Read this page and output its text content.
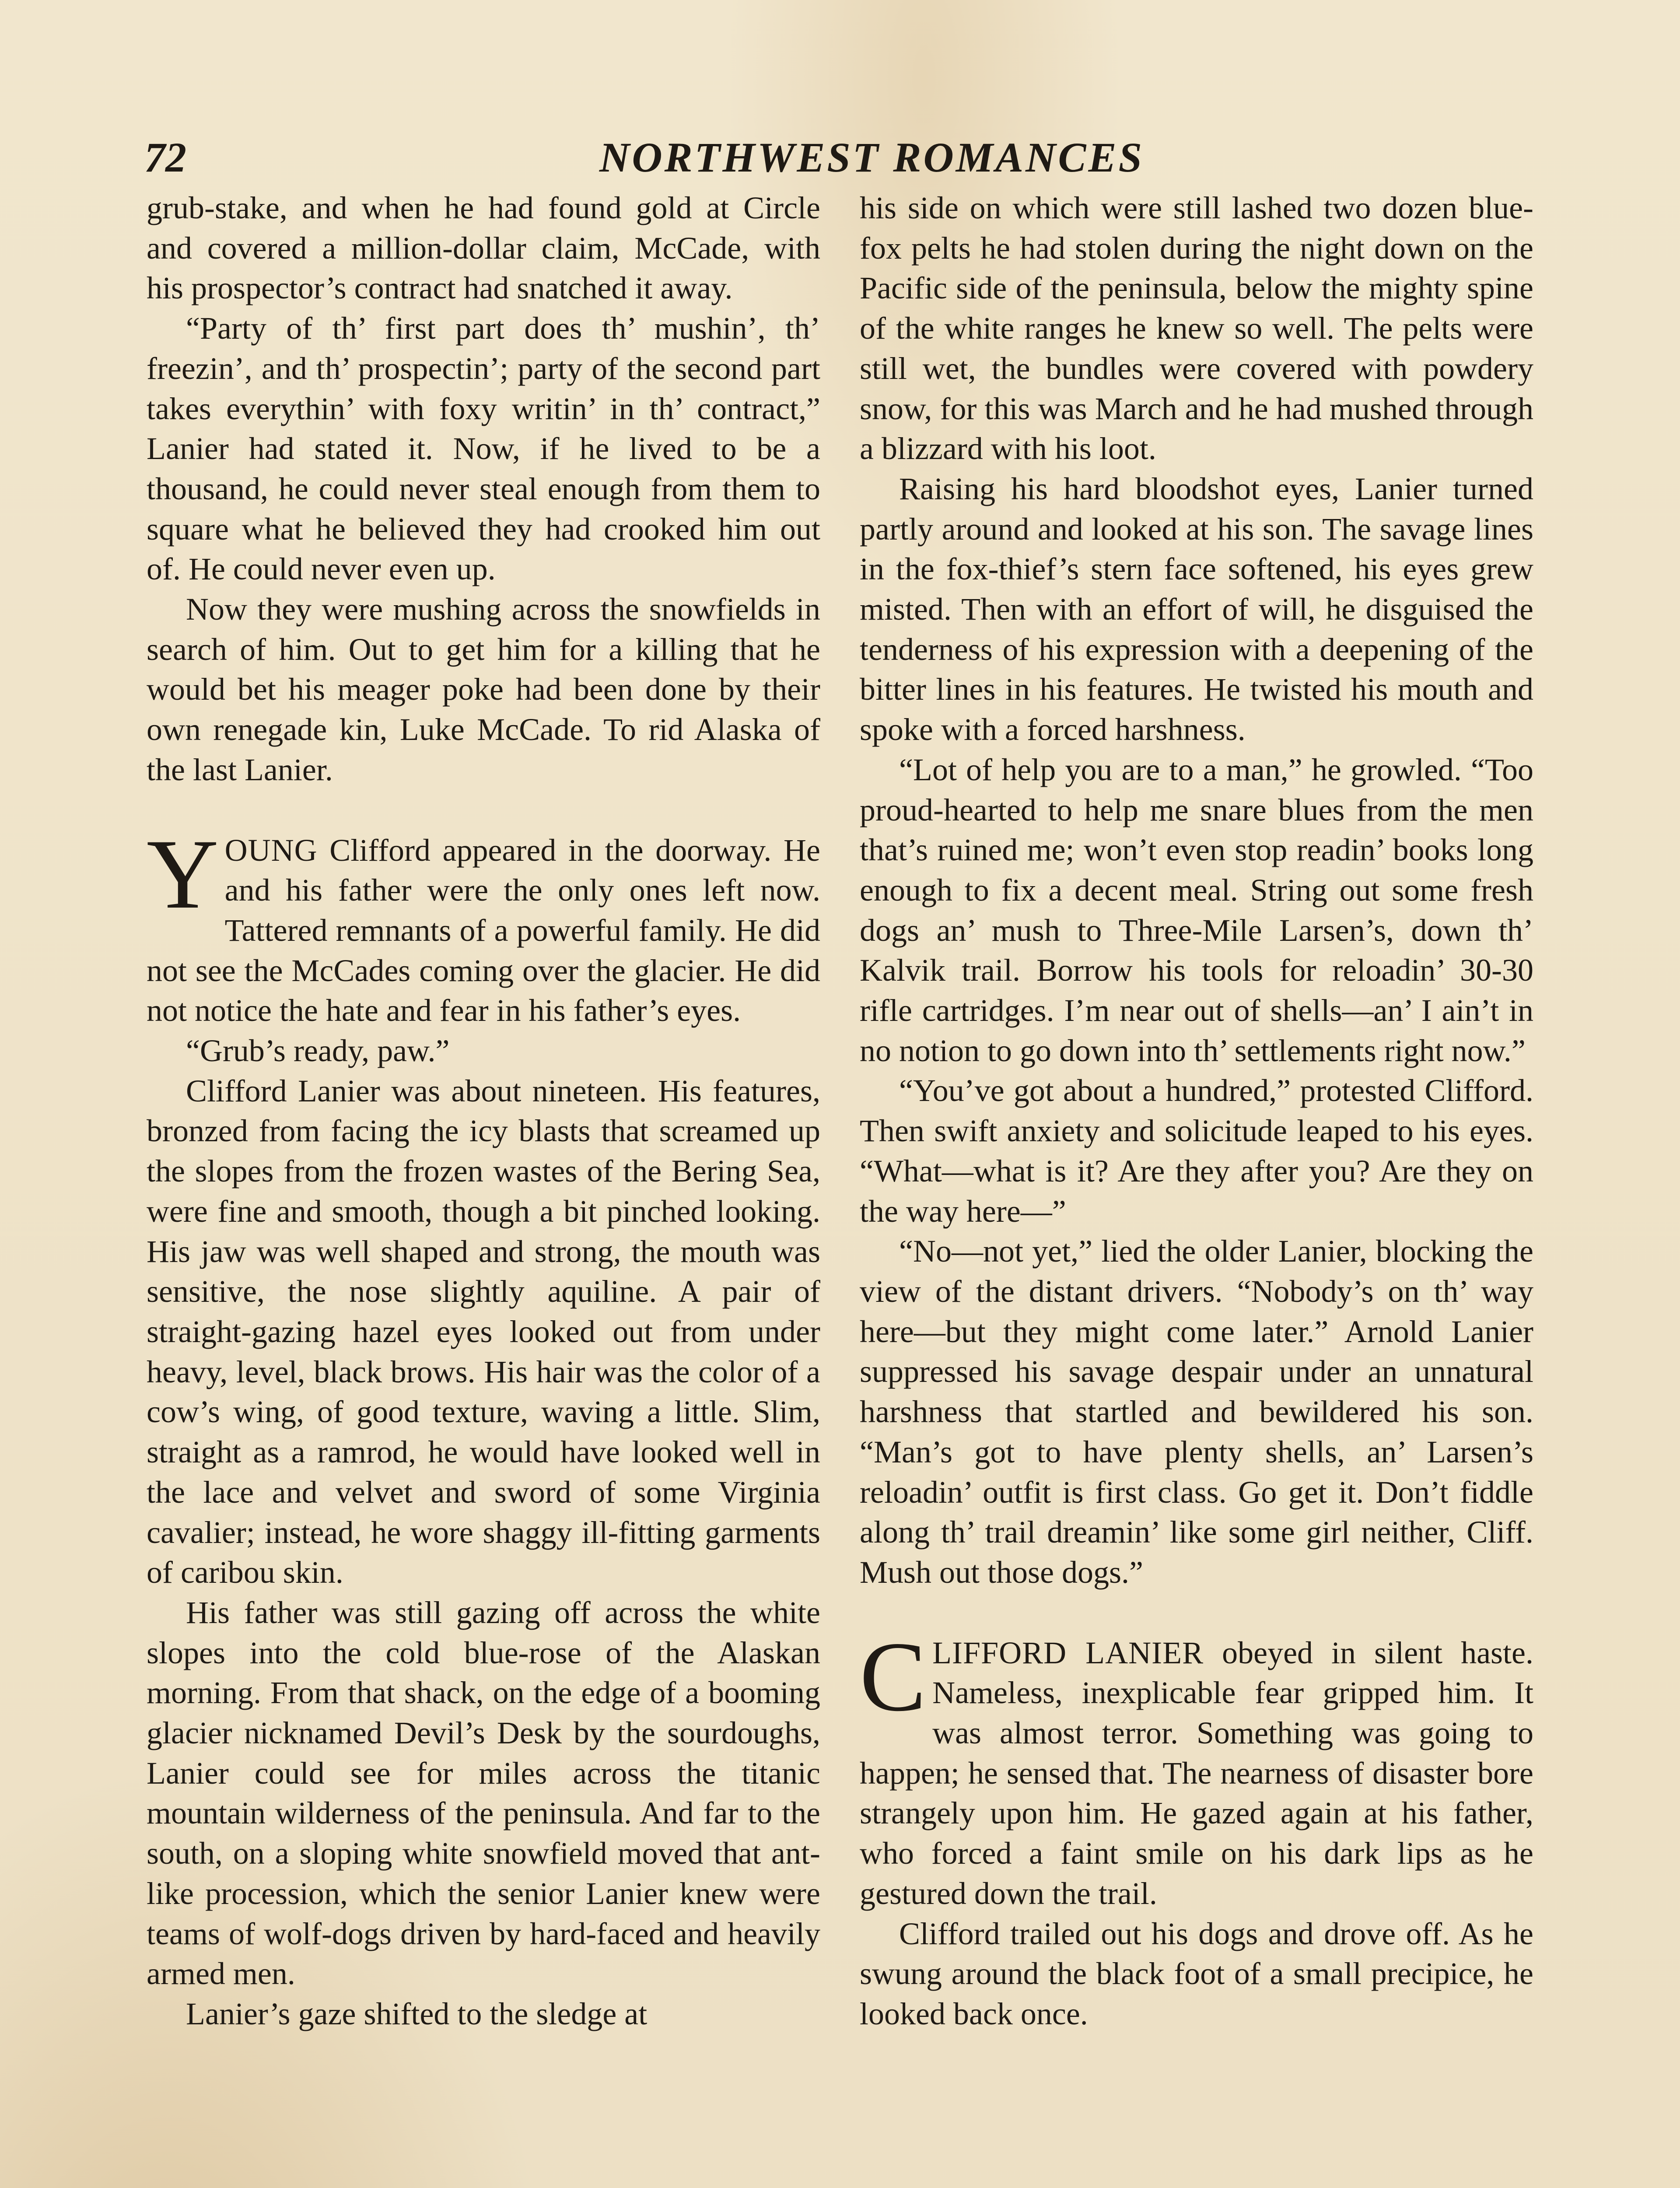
72	NORTHWEST ROMANCES

grub-stake, and when he had found gold at Circle and covered a million-dollar claim, McCade, with his prospector’s contract had snatched it away.

“Party of th’ first part does th’ mushin’, th’ freezin’, and th’ prospectin’; party of the second part takes everythin’ with foxy writin’ in th’ contract,” Lanier had stated it. Now, if he lived to be a thousand, he could never steal enough from them to square what he believed they had crooked him out of. He could never even up.

Now they were mushing across the snowfields in search of him. Out to get him for a killing that he would bet his meager poke had been done by their own renegade kin, Luke McCade. To rid Alaska of the last Lanier.

YOUNG Clifford appeared in the doorway. He and his father were the only ones left now. Tattered remnants of a powerful family. He did not see the McCades coming over the glacier. He did not notice the hate and fear in his father’s eyes.

“Grub’s ready, paw.”

Clifford Lanier was about nineteen. His features, bronzed from facing the icy blasts that screamed up the slopes from the frozen wastes of the Bering Sea, were fine and smooth, though a bit pinched looking. His jaw was well shaped and strong, the mouth was sensitive, the nose slightly aquiline. A pair of straight-gazing hazel eyes looked out from under heavy, level, black brows. His hair was the color of a cow’s wing, of good texture, waving a little. Slim, straight as a ramrod, he would have looked well in the lace and velvet and sword of some Virginia cavalier; instead, he wore shaggy ill-fitting garments of caribou skin.

His father was still gazing off across the white slopes into the cold blue-rose of the Alaskan morning. From that shack, on the edge of a booming glacier nicknamed Devil’s Desk by the sourdoughs, Lanier could see for miles across the titanic mountain wilderness of the peninsula. And far to the south, on a sloping white snowfield moved that ant-like procession, which the senior Lanier knew were teams of wolf-dogs driven by hard-faced and heavily armed men.

Lanier’s gaze shifted to the sledge at

his side on which were still lashed two dozen blue-fox pelts he had stolen during the night down on the Pacific side of the peninsula, below the mighty spine of the white ranges he knew so well. The pelts were still wet, the bundles were covered with powdery snow, for this was March and he had mushed through a blizzard with his loot.

Raising his hard bloodshot eyes, Lanier turned partly around and looked at his son. The savage lines in the fox-thief’s stern face softened, his eyes grew misted. Then with an effort of will, he disguised the tenderness of his expression with a deepening of the bitter lines in his features. He twisted his mouth and spoke with a forced harshness.

“Lot of help you are to a man,” he growled. “Too proud-hearted to help me snare blues from the men that’s ruined me; won’t even stop readin’ books long enough to fix a decent meal. String out some fresh dogs an’ mush to Three-Mile Larsen’s, down th’ Kalvik trail. Borrow his tools for reloadin’ 30-30 rifle cartridges. I’m near out of shells—an’ I ain’t in no notion to go down into th’ settlements right now.”

“You’ve got about a hundred,” protested Clifford. Then swift anxiety and solicitude leaped to his eyes. “What—what is it? Are they after you? Are they on the way here—”

“No—not yet,” lied the older Lanier, blocking the view of the distant drivers. “Nobody’s on th’ way here—but they might come later.” Arnold Lanier suppressed his savage despair under an unnatural harshness that startled and bewildered his son. “Man’s got to have plenty shells, an’ Larsen’s reloadin’ outfit is first class. Go get it. Don’t fiddle along th’ trail dreamin’ like some girl neither, Cliff. Mush out those dogs.”

CLIFFORD LANIER obeyed in silent haste. Nameless, inexplicable fear gripped him. It was almost terror. Something was going to happen; he sensed that. The nearness of disaster bore strangely upon him. He gazed again at his father, who forced a faint smile on his dark lips as he gestured down the trail.

Clifford trailed out his dogs and drove off. As he swung around the black foot of a small precipice, he looked back once.
